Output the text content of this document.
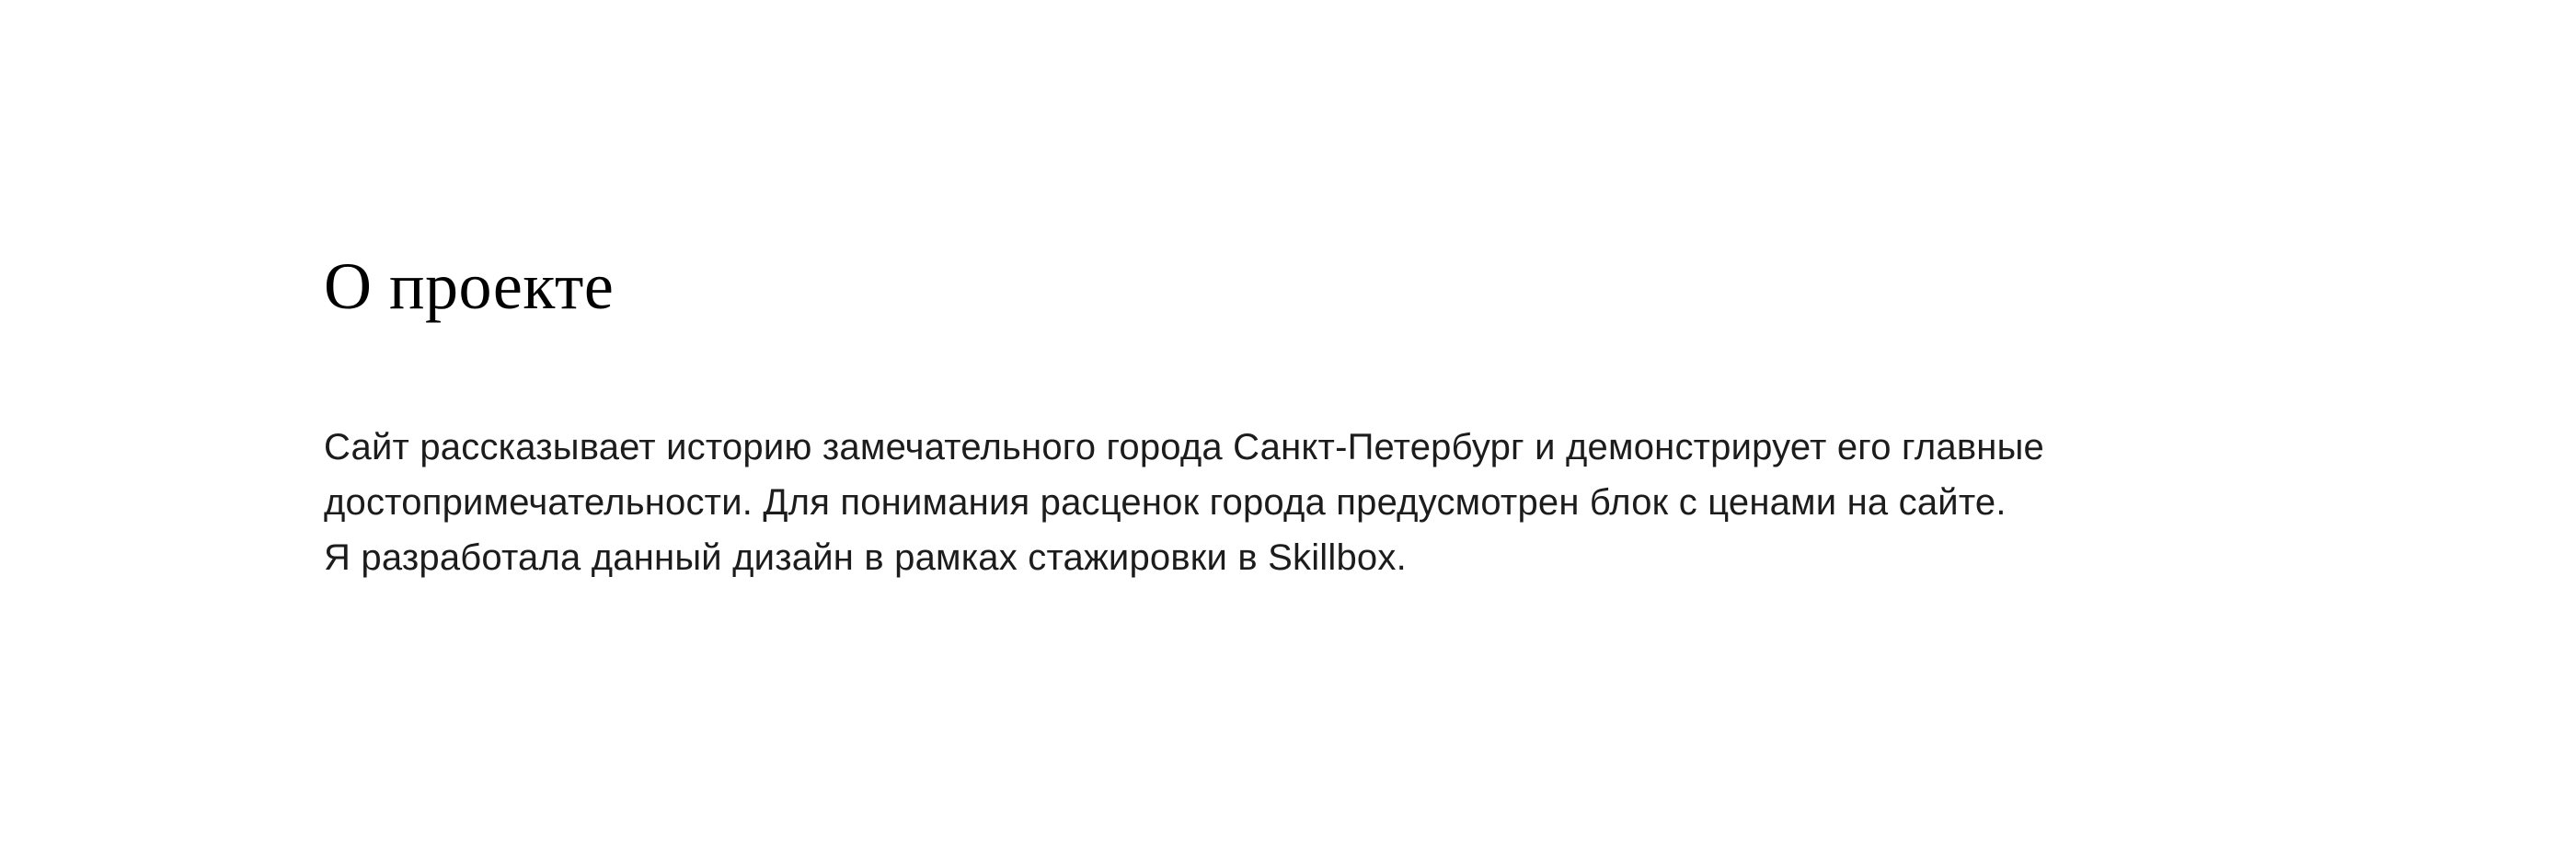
О проекте
Сайт рассказывает историю замечательного города Санкт-Петербург и демонстрирует его главные
достопримечательности. Для понимания расценок города предусмотрен блок с ценами на сайте.
Я разработала данный дизайн в рамках стажировки в Skillbox.
